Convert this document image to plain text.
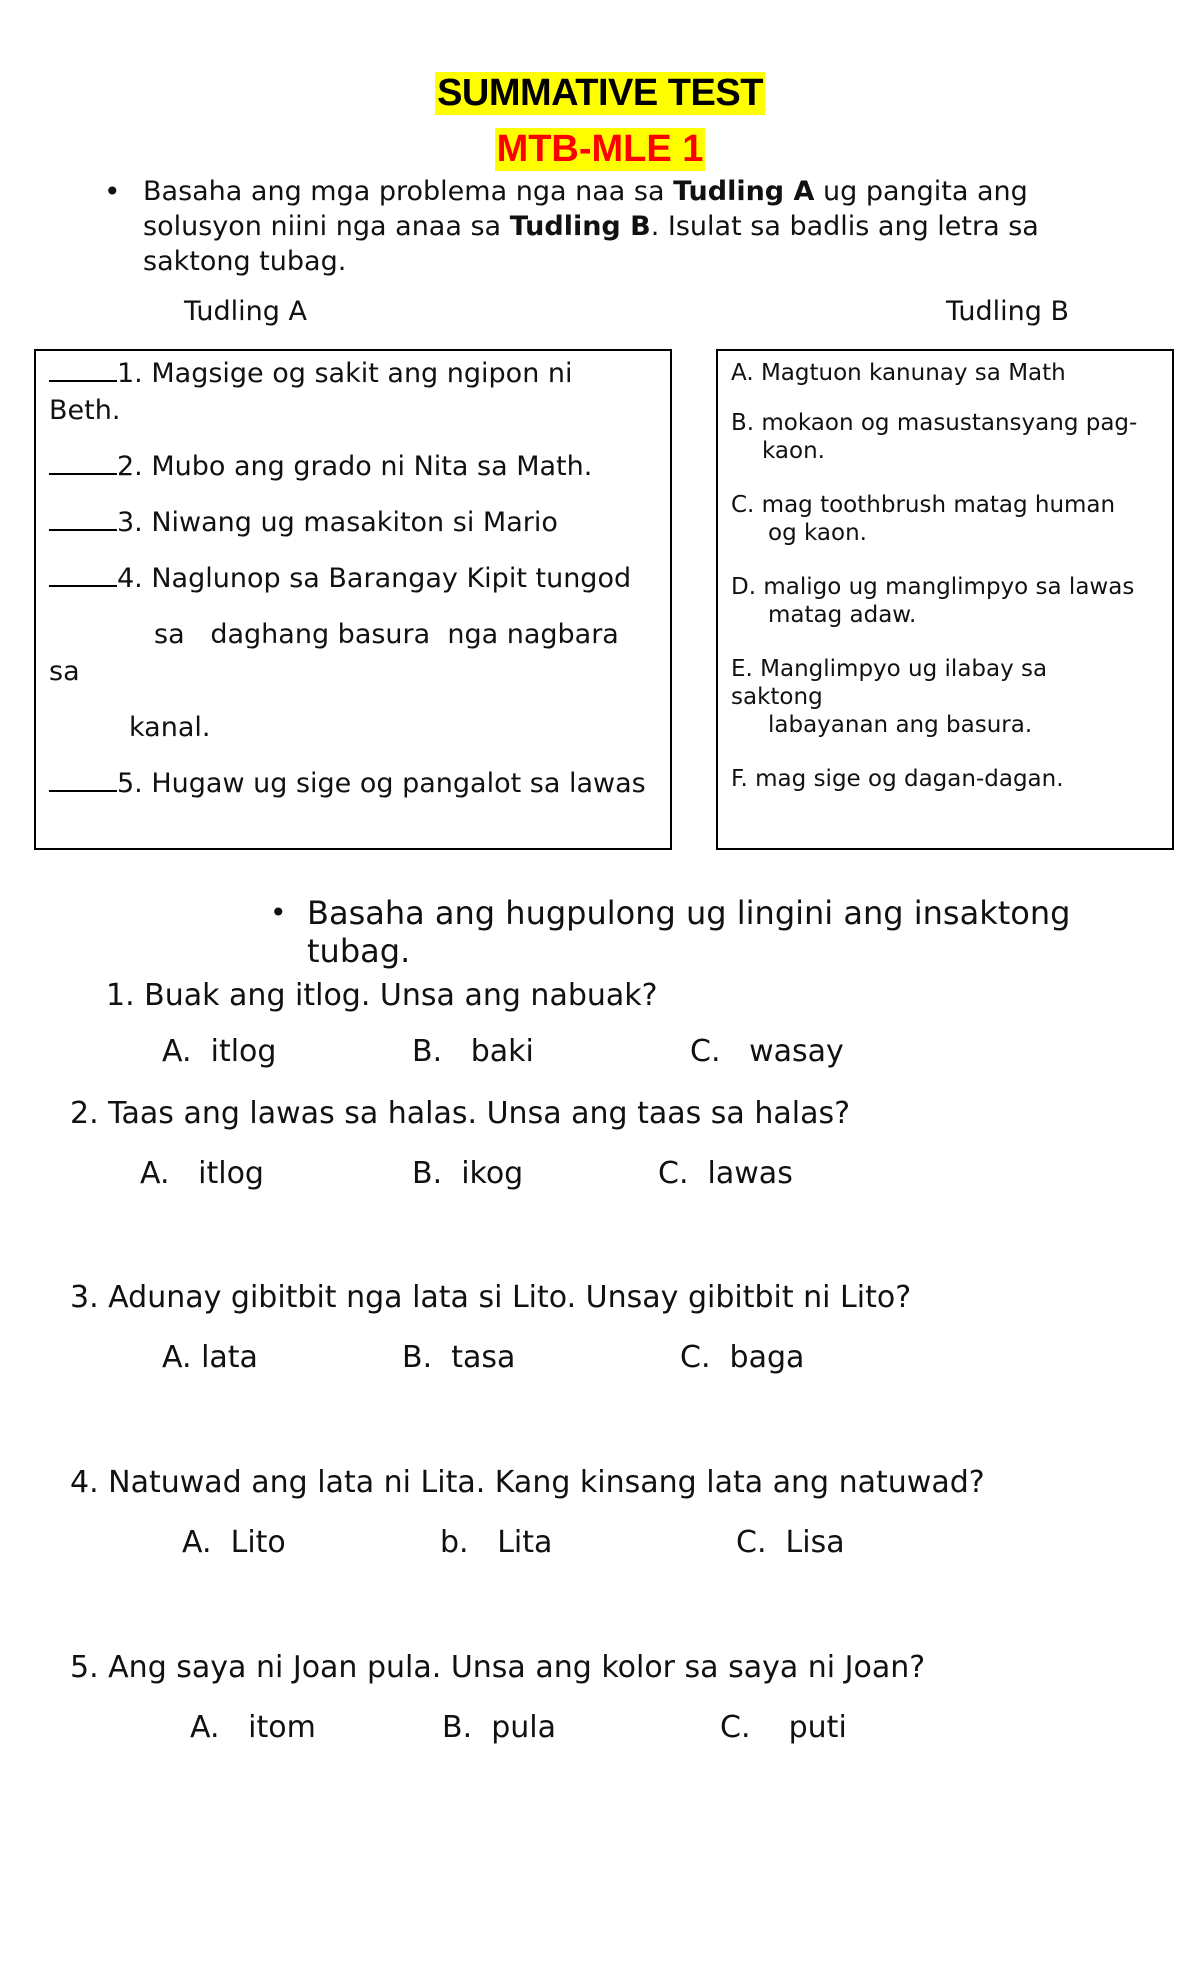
SUMMATIVE TEST
MTB-MLE 1
• Basaha ang mga problema nga naa sa Tudling A ug pangita ang solusyon niini nga anaa sa Tudling B. Isulat sa badlis ang letra sa saktong tubag.
Tudling A	Tudling B
1. Magsige og sakit ang ngipon ni
Beth.
2. Mubo ang grado ni Nita sa Math.
3. Niwang ug masakiton si Mario
4. Naglunop sa Barangay Kipit tungod
sa   daghang basura  nga nagbara
sa
kanal.
5. Hugaw ug sige og pangalot sa lawas
A. Magtuon kanunay sa Math
B. mokaon og masustansyang pag-
kaon.
C. mag toothbrush matag human
og kaon.
D. maligo ug manglimpyo sa lawas
matag adaw.
E. Manglimpyo ug ilabay sa
saktong
labayanan ang basura.
F. mag sige og dagan-dagan.
• Basaha ang hugpulong ug lingini ang insaktong tubag.
1. Buak ang itlog. Unsa ang nabuak?
A.  itlog	B.   baki	C.   wasay
2. Taas ang lawas sa halas. Unsa ang taas sa halas?
A.   itlog	B.  ikog	C.  lawas
3. Adunay gibitbit nga lata si Lito. Unsay gibitbit ni Lito?
A. lata	B.  tasa	C.  baga
4. Natuwad ang lata ni Lita. Kang kinsang lata ang natuwad?
A.  Lito	b.   Lita	C.  Lisa
5. Ang saya ni Joan pula. Unsa ang kolor sa saya ni Joan?
A.   itom	B.  pula	C.    puti
